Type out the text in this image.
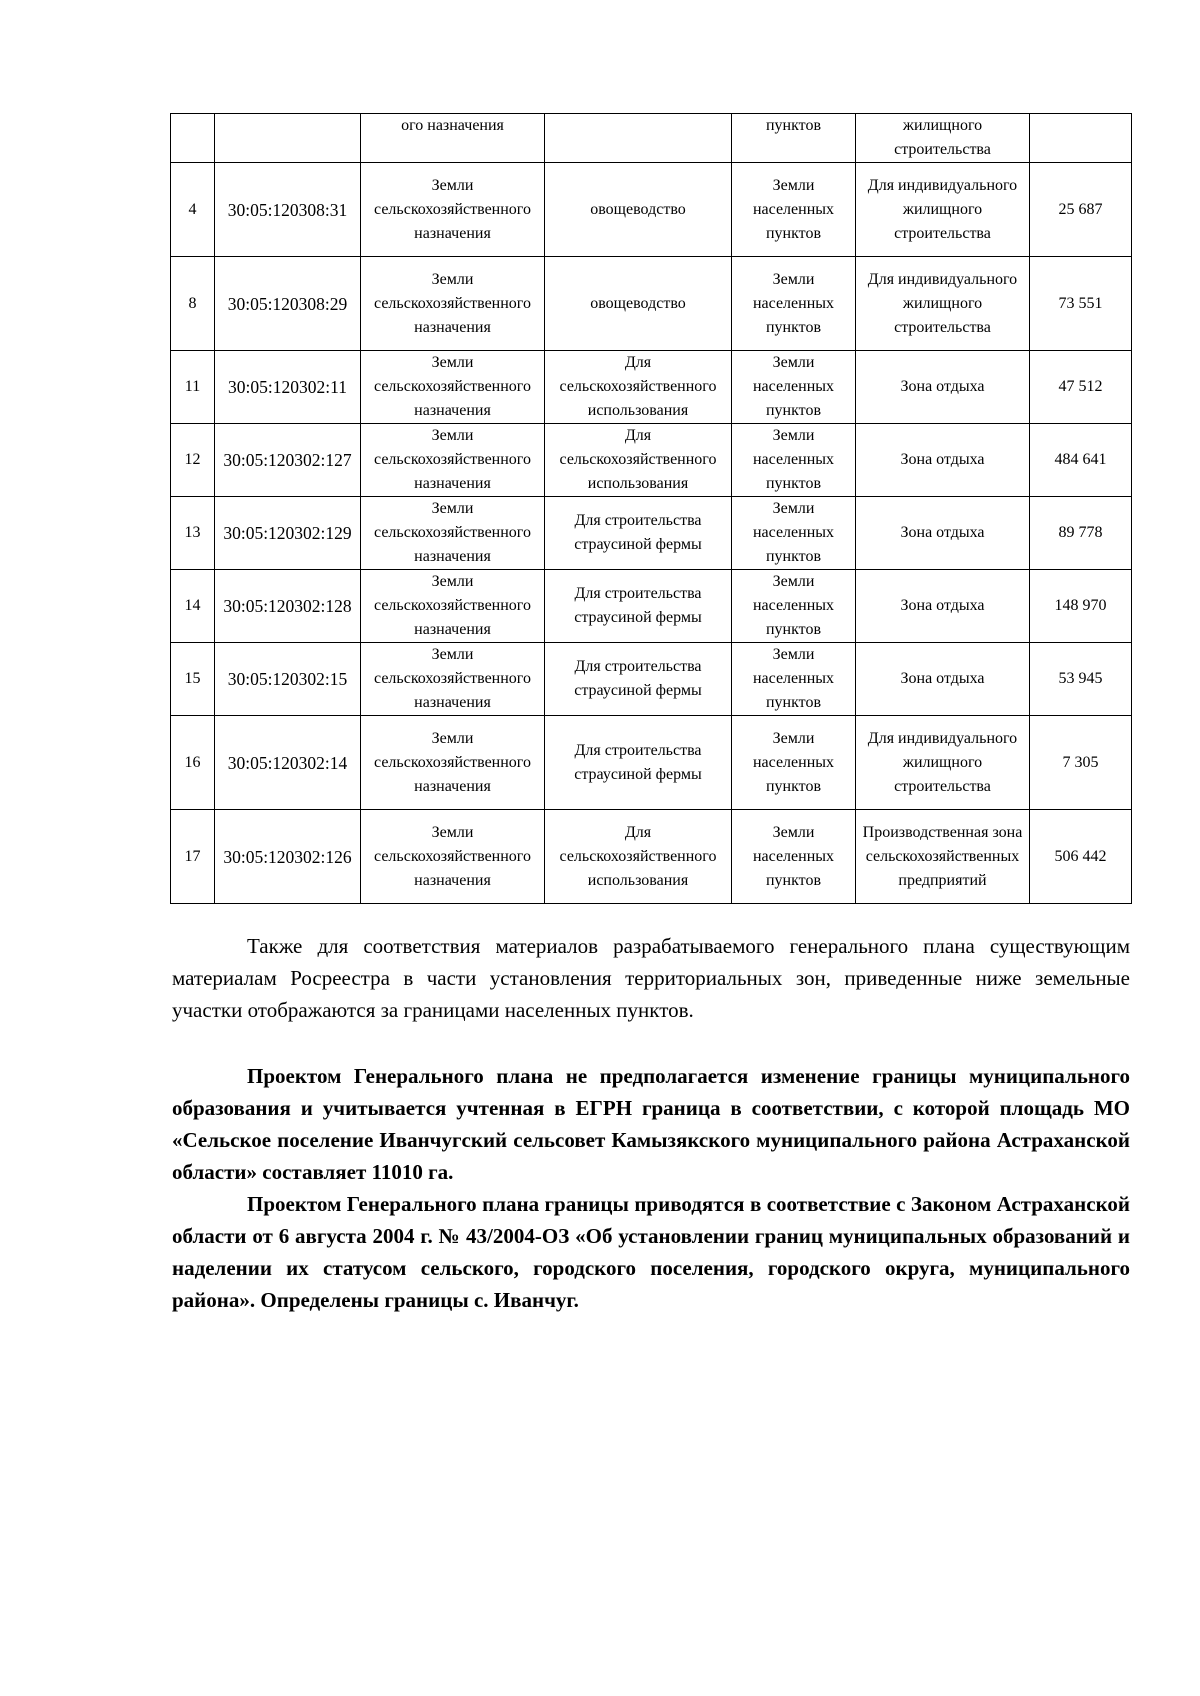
		ого назначения		пунктов	жилищного строительства	
4	30:05:120308:31	Земли сельскохозяйственного назначения	овощеводство	Земли населенных пунктов	Для индивидуального жилищного строительства	25 687
8	30:05:120308:29	Земли сельскохозяйственного назначения	овощеводство	Земли населенных пунктов	Для индивидуального жилищного строительства	73 551
11	30:05:120302:11	Земли сельскохозяйственного назначения	Для сельскохозяйственного использования	Земли населенных пунктов	Зона отдыха	47 512
12	30:05:120302:127	Земли сельскохозяйственного назначения	Для сельскохозяйственного использования	Земли населенных пунктов	Зона отдыха	484 641
13	30:05:120302:129	Земли сельскохозяйственного назначения	Для строительства страусиной фермы	Земли населенных пунктов	Зона отдыха	89 778
14	30:05:120302:128	Земли сельскохозяйственного назначения	Для строительства страусиной фермы	Земли населенных пунктов	Зона отдыха	148 970
15	30:05:120302:15	Земли сельскохозяйственного назначения	Для строительства страусиной фермы	Земли населенных пунктов	Зона отдыха	53 945
16	30:05:120302:14	Земли сельскохозяйственного назначения	Для строительства страусиной фермы	Земли населенных пунктов	Для индивидуального жилищного строительства	7 305
17	30:05:120302:126	Земли сельскохозяйственного назначения	Для сельскохозяйственного использования	Земли населенных пунктов	Производственная зона сельскохозяйственных предприятий	506 442
Также для соответствия материалов разрабатываемого генерального плана существующим материалам Росреестра в части установления территориальных зон, приведенные ниже земельные участки отображаются за границами населенных пунктов.
Проектом Генерального плана не предполагается изменение границы муниципального образования и учитывается учтенная в ЕГРН граница в соответствии, с которой площадь МО «Сельское поселение Иванчугский сельсовет Камызякского муниципального района Астраханской области» составляет 11010 га.
Проектом Генерального плана границы приводятся в соответствие с Законом Астраханской области от 6 августа 2004 г. № 43/2004-ОЗ «Об установлении границ муниципальных образований и наделении их статусом сельского, городского поселения, городского округа, муниципального района». Определены границы с. Иванчуг.
